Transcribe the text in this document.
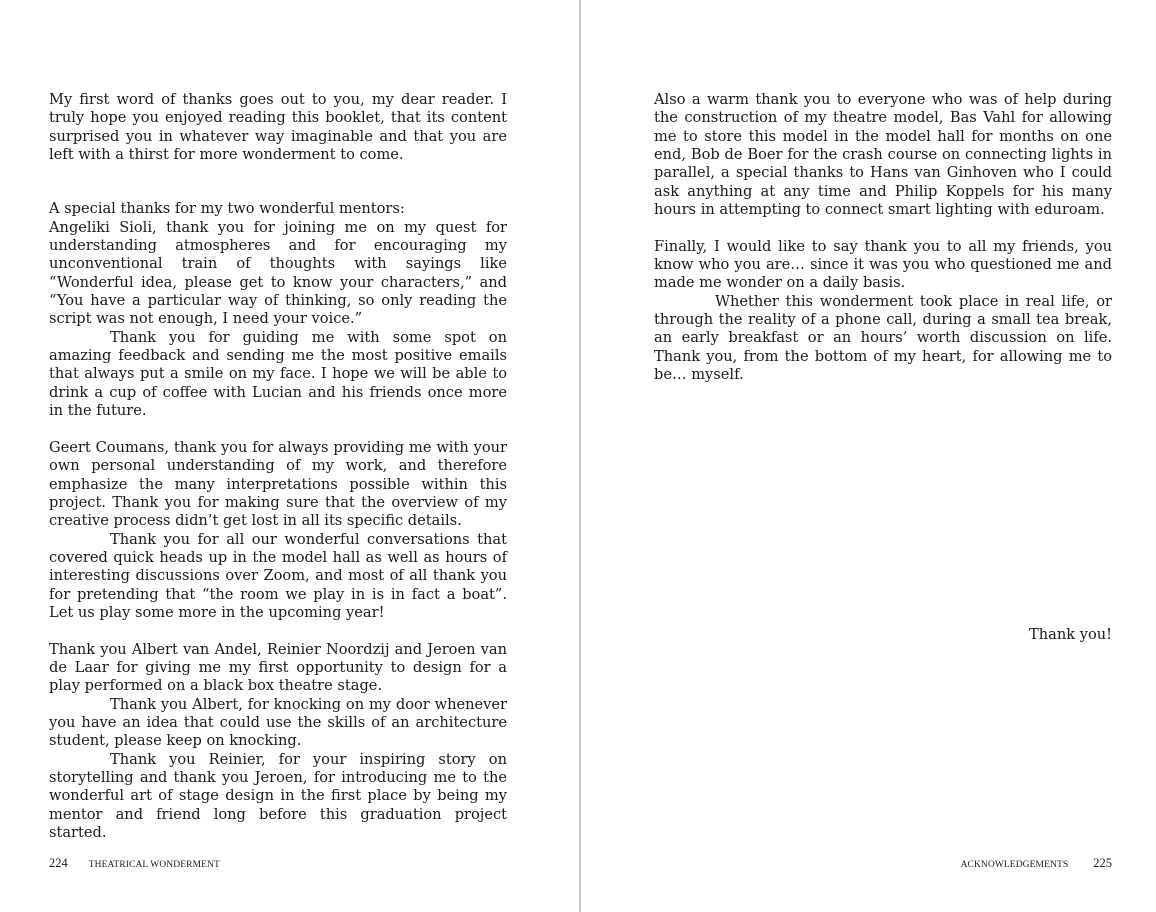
My first word of thanks goes out to you, my dear reader. I truly hope you enjoyed reading this booklet, that its content surprised you in whatever way imaginable and that you are left with a thirst for more wonderment to come.

A special thanks for my two wonderful mentors:

Angeliki Sioli, thank you for joining me on my quest for understanding atmospheres and for encouraging my unconventional train of thoughts with sayings like “Wonderful idea, please get to know your characters,” and “You have a particular way of thinking, so only reading the script was not enough, I need your voice.”

Thank you for guiding me with some spot on amazing feedback and sending me the most positive emails that always put a smile on my face. I hope we will be able to drink a cup of coffee with Lucian and his friends once more in the future.

Geert Coumans, thank you for always providing me with your own personal understanding of my work, and therefore emphasize the many interpretations possible within this project. Thank you for making sure that the overview of my creative process didn’t get lost in all its specific details.

Thank you for all our wonderful conversations that covered quick heads up in the model hall as well as hours of interesting discussions over Zoom, and most of all thank you for pretending that “the room we play in is in fact a boat”. Let us play some more in the upcoming year!

Thank you Albert van Andel, Reinier Noordzij and Jeroen van de Laar for giving me my first opportunity to design for a play performed on a black box theatre stage.

Thank you Albert, for knocking on my door whenever you have an idea that could use the skills of an architecture student, please keep on knocking.

Thank you Reinier, for your inspiring story on storytelling and thank you Jeroen, for introducing me to the wonderful art of stage design in the first place by being my mentor and friend long before this graduation project started.

Also a warm thank you to everyone who was of help during the construction of my theatre model, Bas Vahl for allowing me to store this model in the model hall for months on one end, Bob de Boer for the crash course on connecting lights in parallel, a special thanks to Hans van Ginhoven who I could ask anything at any time and Philip Koppels for his many hours in attempting to connect smart lighting with eduroam.

Finally, I would like to say thank you to all my friends, you know who you are… since it was you who questioned me and made me wonder on a daily basis.

Whether this wonderment took place in real life, or through the reality of a phone call, during a small tea break, an early breakfast or an hours’ worth discussion on life. Thank you, from the bottom of my heart, for allowing me to be… myself.

Thank you!
224 THEATRICAL WONDERMENT	ACKNOWLEDGEMENTS 225
